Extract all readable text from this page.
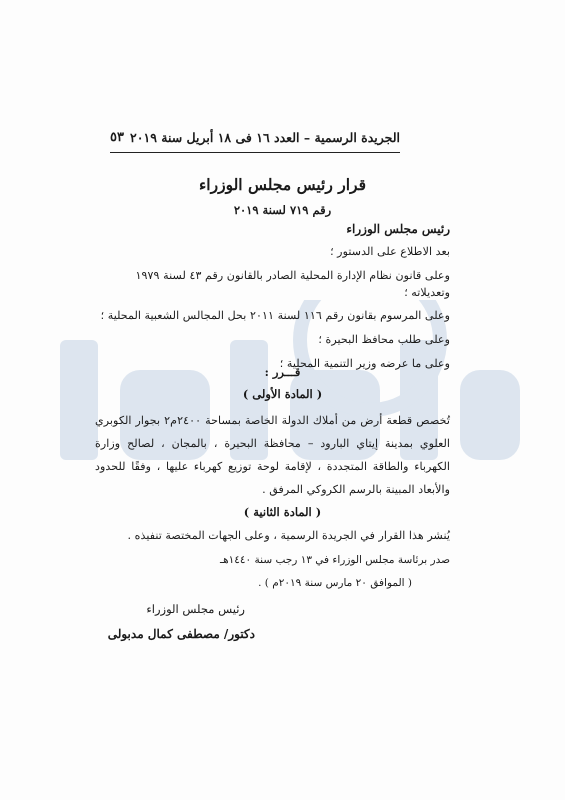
الجريدة الرسمية – العدد ١٦ فى ١٨ أبريل سنة ٢٠١٩
٥٣
قرار رئيس مجلس الوزراء
رقم ٧١٩ لسنة ٢٠١٩
رئيس مجلس الوزراء
بعد الاطلاع على الدستور ؛
وعلى قانون نظام الإدارة المحلية الصادر بالقانون رقم ٤٣ لسنة ١٩٧٩ وتعديلاته ؛
وعلى المرسوم بقانون رقم ١١٦ لسنة ٢٠١١ بحل المجالس الشعبية المحلية ؛
وعلى طلب محافظ البحيرة ؛
وعلى ما عرضه وزير التنمية المحلية ؛
قـــرر :
( المادة الأولى )
تُخصص قطعة أرض من أملاك الدولة الخاصة بمساحة ٢٤٠٠م٢ بجوار الكوبري العلوي بمدينة إيتاي البارود – محافظة البحيرة ، بالمجان ، لصالح وزارة الكهرباء والطاقة المتجددة ، لإقامة لوحة توزيع كهرباء عليها ، وفقًا للحدود والأبعاد المبينة بالرسم الكروكي المرفق .
( المادة الثانية )
يُنشر هذا القرار في الجريدة الرسمية ، وعلى الجهات المختصة تنفيذه .
صدر برئاسة مجلس الوزراء في ١٣ رجب سنة ١٤٤٠هـ
( الموافق ٢٠ مارس سنة ٢٠١٩م ) .
رئيس مجلس الوزراء
دكتور/ مصطفى كمال مدبولى
